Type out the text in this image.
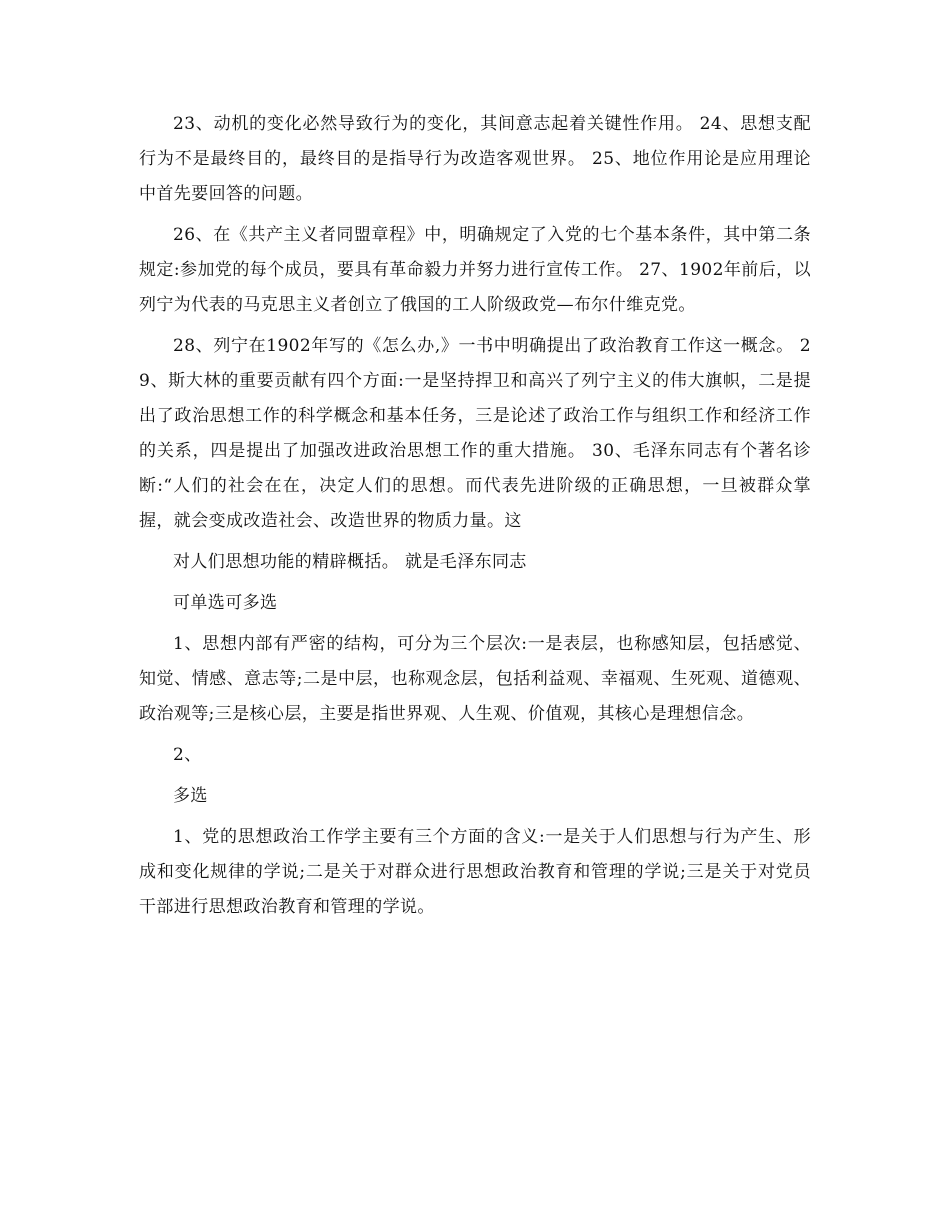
23、动机的变化必然导致行为的变化，其间意志起着关键性作用。 24、思想支配行为不是最终目的，最终目的是指导行为改造客观世界。 25、地位作用论是应用理论中首先要回答的问题。

26、在《共产主义者同盟章程》中，明确规定了入党的七个基本条件，其中第二条规定:参加党的每个成员，要具有革命毅力并努力进行宣传工作。 27、1902年前后，以列宁为代表的马克思主义者创立了俄国的工人阶级政党—布尔什维克党。

28、列宁在1902年写的《怎么办,》一书中明确提出了政治教育工作这一概念。 29、斯大林的重要贡献有四个方面:一是坚持捍卫和高兴了列宁主义的伟大旗帜，二是提出了政治思想工作的科学概念和基本任务，三是论述了政治工作与组织工作和经济工作的关系，四是提出了加强改进政治思想工作的重大措施。 30、毛泽东同志有个著名诊断:“人们的社会在在，决定人们的思想。而代表先进阶级的正确思想，一旦被群众掌握，就会变成改造社会、改造世界的物质力量。这

对人们思想功能的精辟概括。 就是毛泽东同志

可单选可多选

1、思想内部有严密的结构，可分为三个层次:一是表层，也称感知层，包括感觉、知觉、情感、意志等;二是中层，也称观念层，包括利益观、幸福观、生死观、道德观、政治观等;三是核心层，主要是指世界观、人生观、价值观，其核心是理想信念。

2、

多选

1、党的思想政治工作学主要有三个方面的含义:一是关于人们思想与行为产生、形成和变化规律的学说;二是关于对群众进行思想政治教育和管理的学说;三是关于对党员干部进行思想政治教育和管理的学说。
